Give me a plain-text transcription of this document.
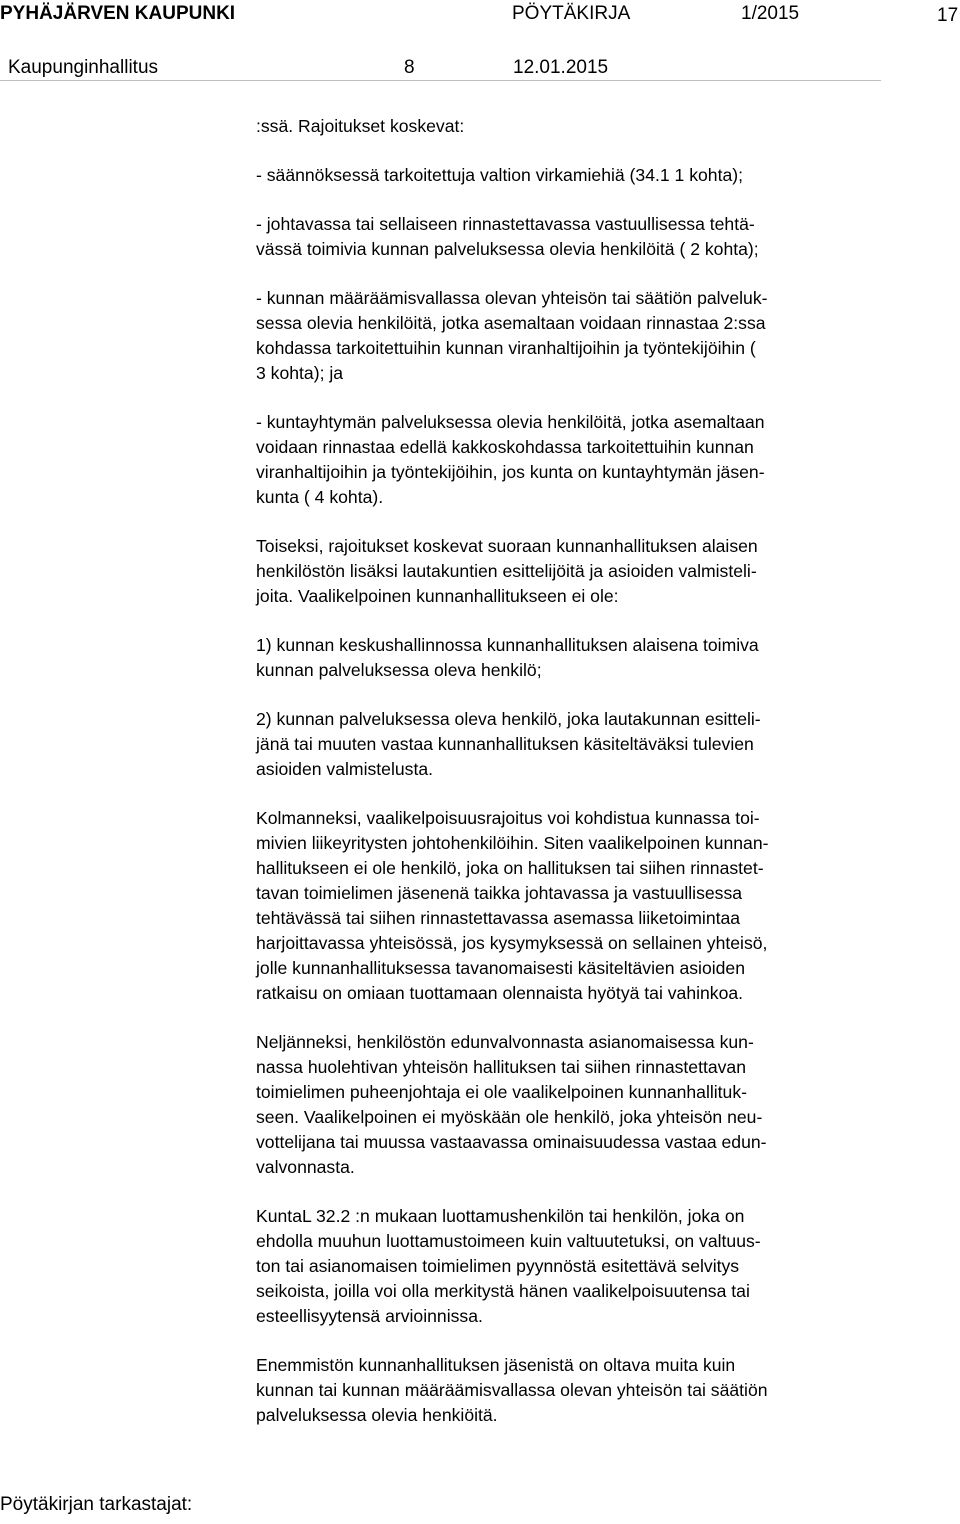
PYHÄJÄRVEN KAUPUNKI	PÖYTÄKIRJA	1/2015	17
Kaupunginhallitus	8	12.01.2015

:ssä. Rajoitukset koskevat:

- säännöksessä tarkoitettuja valtion virkamiehiä (34.1 1 kohta);

- johtavassa tai sellaiseen rinnastettavassa vastuullisessa tehtä-
vässä toimivia kunnan palveluksessa olevia henkilöitä ( 2 kohta);

- kunnan määräämisvallassa olevan yhteisön tai säätiön palveluk-
sessa olevia henkilöitä, jotka asemaltaan voidaan rinnastaa 2:ssa
kohdassa tarkoitettuihin kunnan viranhaltijoihin ja työntekijöihin (
3 kohta); ja

- kuntayhtymän palveluksessa olevia henkilöitä, jotka asemaltaan
voidaan rinnastaa edellä kakkoskohdassa tarkoitettuihin kunnan
viranhaltijoihin ja työntekijöihin, jos kunta on kuntayhtymän jäsen-
kunta ( 4 kohta).

Toiseksi, rajoitukset koskevat suoraan kunnanhallituksen alaisen
henkilöstön lisäksi lautakuntien esittelijöitä ja asioiden valmisteli-
joita. Vaalikelpoinen kunnanhallitukseen ei ole:

1) kunnan keskushallinnossa kunnanhallituksen alaisena toimiva
kunnan palveluksessa oleva henkilö;

2) kunnan palveluksessa oleva henkilö, joka lautakunnan esitteli-
jänä tai muuten vastaa kunnanhallituksen käsiteltäväksi tulevien
asioiden valmistelusta.

Kolmanneksi, vaalikelpoisuusrajoitus voi kohdistua kunnassa toi-
mivien liikeyritysten johtohenkilöihin. Siten vaalikelpoinen kunnan-
hallitukseen ei ole henkilö, joka on hallituksen tai siihen rinnastet-
tavan toimielimen jäsenenä taikka johtavassa ja vastuullisessa
tehtävässä tai siihen rinnastettavassa asemassa liiketoimintaa
harjoittavassa yhteisössä, jos kysymyksessä on sellainen yhteisö,
jolle kunnanhallituksessa tavanomaisesti käsiteltävien asioiden
ratkaisu on omiaan tuottamaan olennaista hyötyä tai vahinkoa.

Neljänneksi, henkilöstön edunvalvonnasta asianomaisessa kun-
nassa huolehtivan yhteisön hallituksen tai siihen rinnastettavan
toimielimen puheenjohtaja ei ole vaalikelpoinen kunnanhallituk-
seen. Vaalikelpoinen ei myöskään ole henkilö, joka yhteisön neu-
vottelijana tai muussa vastaavassa ominaisuudessa vastaa edun-
valvonnasta.

KuntaL 32.2 :n mukaan luottamushenkilön tai henkilön, joka on
ehdolla muuhun luottamustoimeen kuin valtuutetuksi, on valtuus-
ton tai asianomaisen toimielimen pyynnöstä esitettävä selvitys
seikoista, joilla voi olla merkitystä hänen vaalikelpoisuutensa tai
esteellisyytensä arvioinnissa.

Enemmistön kunnanhallituksen jäsenistä on oltava muita kuin
kunnan tai kunnan määräämisvallassa olevan yhteisön tai säätiön
palveluksessa olevia henkiöitä.

Pöytäkirjan tarkastajat:
